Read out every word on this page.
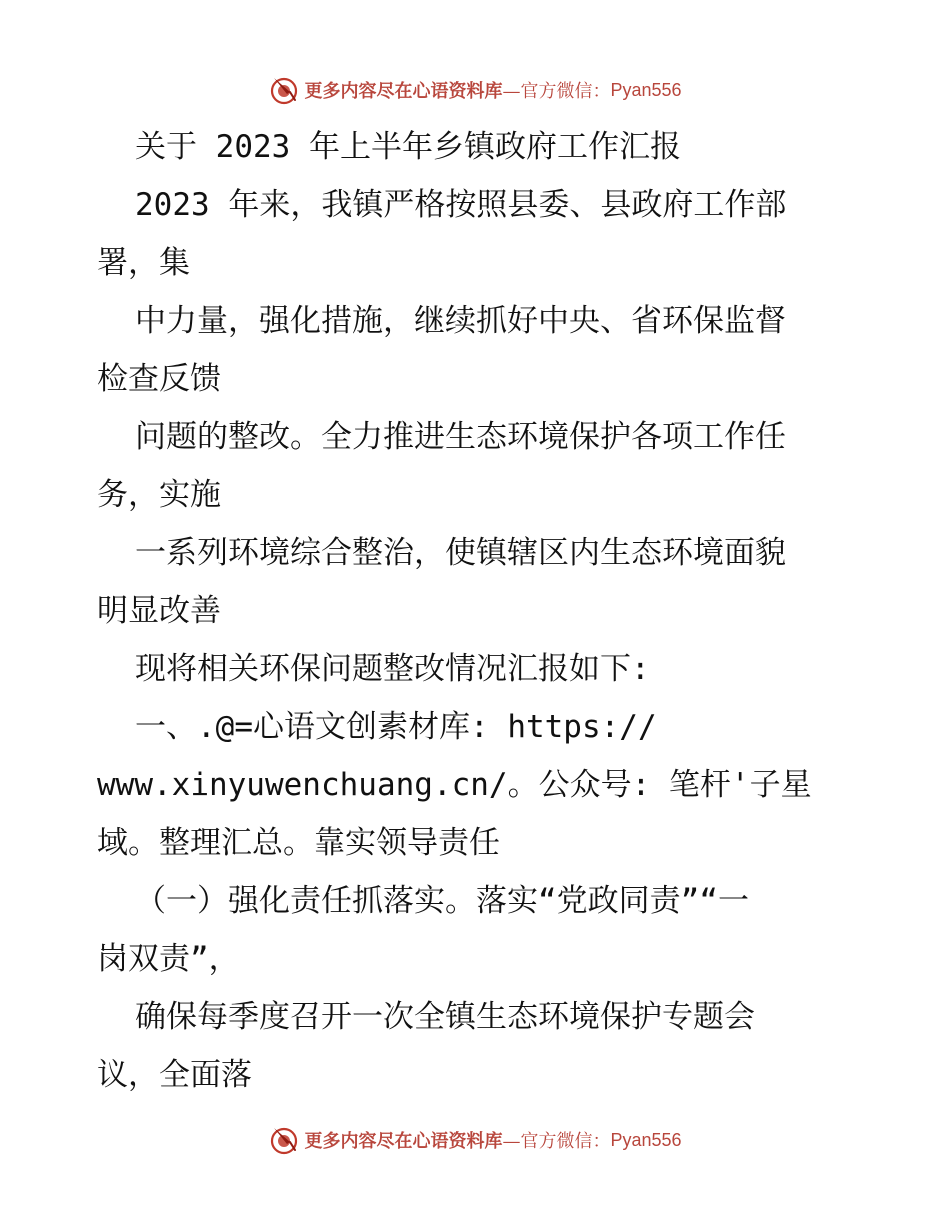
更多内容尽在心语资料库 —官方微信： Pyan556
关于 2023 年上半年乡镇政府工作汇报
2023 年来，我镇严格按照县委、县政府工作部
署，集
中力量，强化措施，继续抓好中央、省环保监督
检查反馈
问题的整改。全力推进生态环境保护各项工作任
务，实施
一系列环境综合整治，使镇辖区内生态环境面貌
明显改善
现将相关环保问题整改情况汇报如下:
一、.@=心语文创素材库: https://
www.xinyuwenchuang.cn/。公众号: 笔杆'子星
域。整理汇总。靠实领导责任
（一）强化责任抓落实。落实“党政同责”“一
岗双责”，
确保每季度召开一次全镇生态环境保护专题会
议，全面落
更多内容尽在心语资料库 —官方微信： Pyan556
